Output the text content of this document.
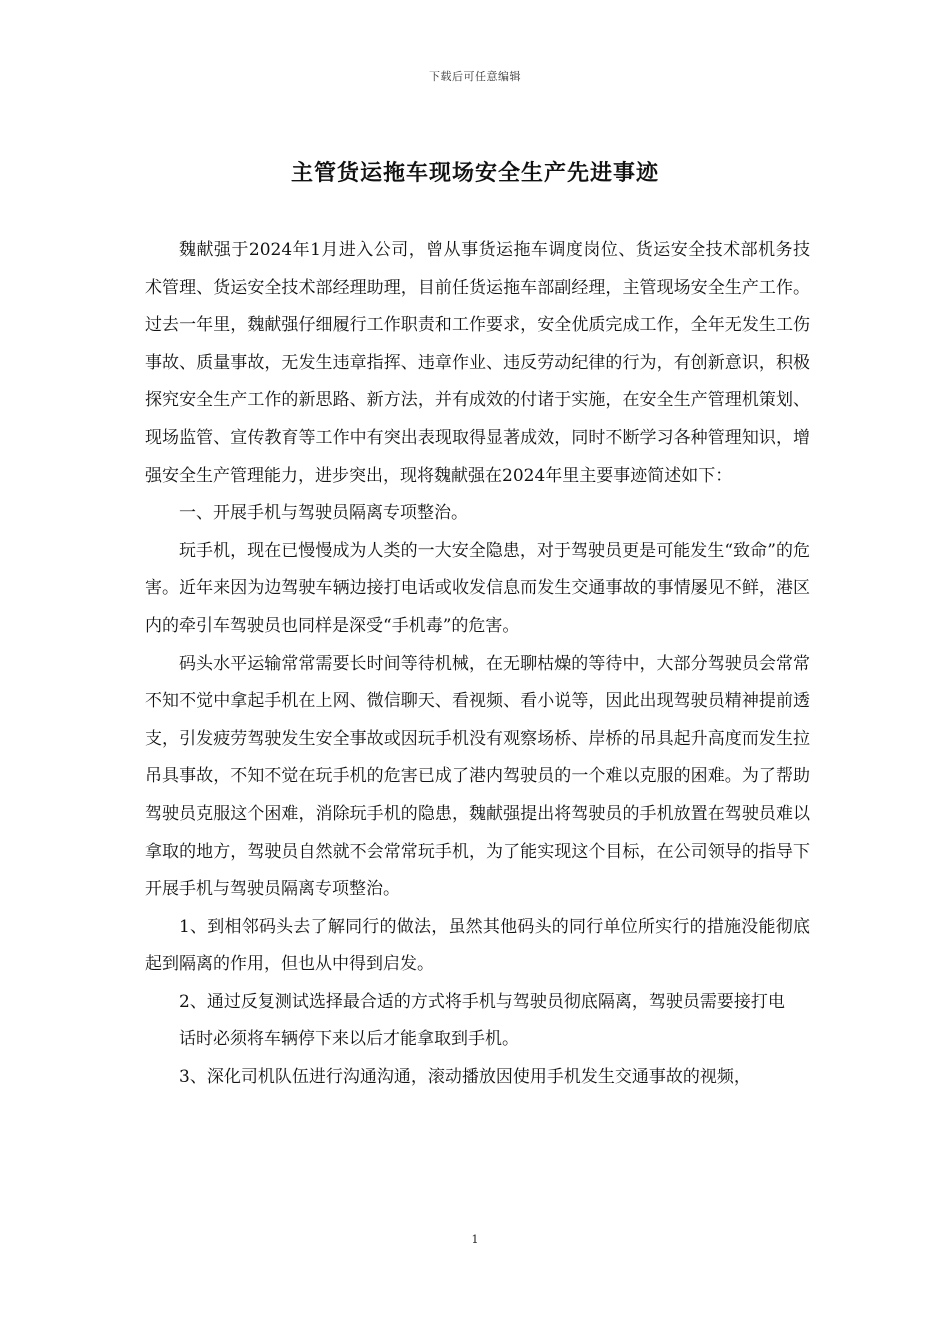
下载后可任意编辑
主管货运拖车现场安全生产先进事迹

魏献强于2024年1月进入公司，曾从事货运拖车调度岗位、货运安全技术部机务技术管理、货运安全技术部经理助理，目前任货运拖车部副经理，主管现场安全生产工作。过去一年里，魏献强仔细履行工作职责和工作要求，安全优质完成工作，全年无发生工伤事故、质量事故，无发生违章指挥、违章作业、违反劳动纪律的行为，有创新意识，积极探究安全生产工作的新思路、新方法，并有成效的付诸于实施，在安全生产管理机策划、现场监管、宣传教育等工作中有突出表现取得显著成效，同时不断学习各种管理知识，增强安全生产管理能力，进步突出，现将魏献强在2024年里主要事迹简述如下：

一、开展手机与驾驶员隔离专项整治。

玩手机，现在已慢慢成为人类的一大安全隐患，对于驾驶员更是可能发生“致命”的危害。近年来因为边驾驶车辆边接打电话或收发信息而发生交通事故的事情屡见不鲜，港区内的牵引车驾驶员也同样是深受“手机毒”的危害。

码头水平运输常常需要长时间等待机械，在无聊枯燥的等待中，大部分驾驶员会常常不知不觉中拿起手机在上网、微信聊天、看视频、看小说等，因此出现驾驶员精神提前透支，引发疲劳驾驶发生安全事故或因玩手机没有观察场桥、岸桥的吊具起升高度而发生拉吊具事故，不知不觉在玩手机的危害已成了港内驾驶员的一个难以克服的困难。为了帮助驾驶员克服这个困难，消除玩手机的隐患，魏献强提出将驾驶员的手机放置在驾驶员难以拿取的地方，驾驶员自然就不会常常玩手机，为了能实现这个目标，在公司领导的指导下开展手机与驾驶员隔离专项整治。

1、到相邻码头去了解同行的做法，虽然其他码头的同行单位所实行的措施没能彻底起到隔离的作用，但也从中得到启发。

2、通过反复测试选择最合适的方式将手机与驾驶员彻底隔离，驾驶员需要接打电

话时必须将车辆停下来以后才能拿取到手机。

3、深化司机队伍进行沟通沟通，滚动播放因使用手机发生交通事故的视频，

1
